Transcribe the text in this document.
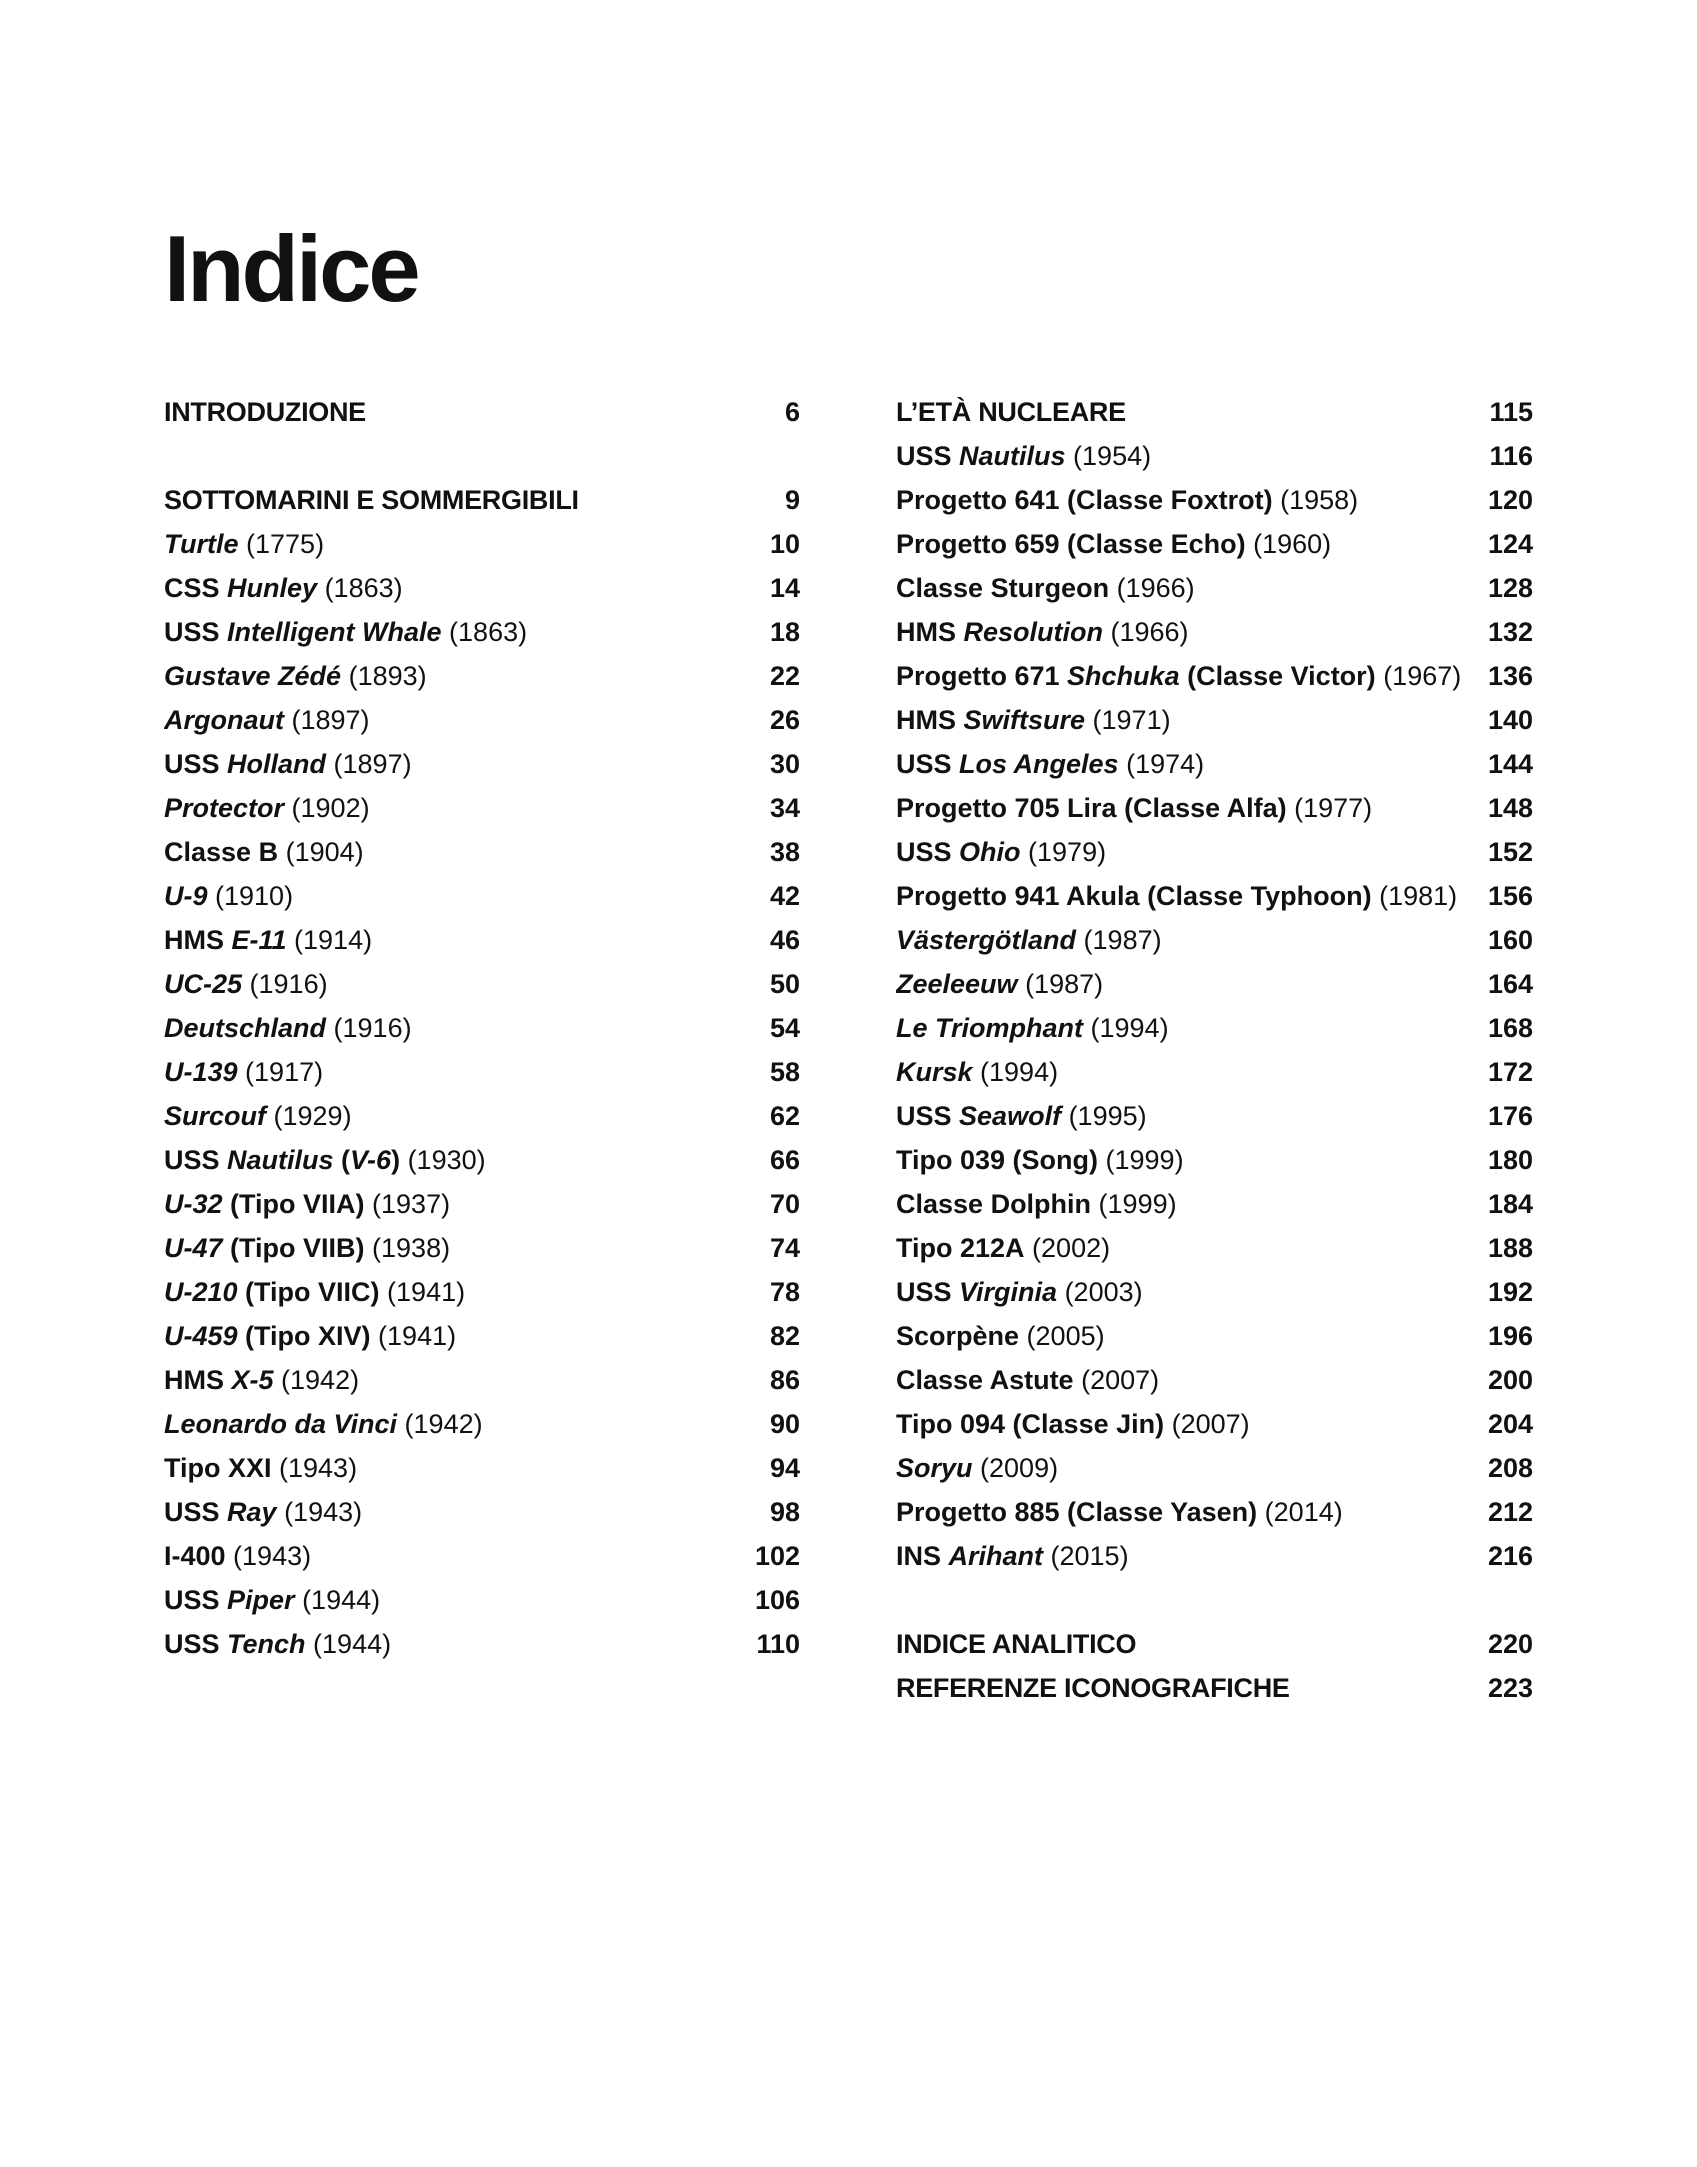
Indice
INTRODUZIONE	6
SOTTOMARINI E SOMMERGIBILI	9
Turtle (1775)	10
CSS Hunley (1863)	14
USS Intelligent Whale (1863)	18
Gustave Zédé (1893)	22
Argonaut (1897)	26
USS Holland (1897)	30
Protector (1902)	34
Classe B (1904)	38
U-9 (1910)	42
HMS E-11 (1914)	46
UC-25 (1916)	50
Deutschland (1916)	54
U-139 (1917)	58
Surcouf (1929)	62
USS Nautilus (V-6) (1930)	66
U-32 (Tipo VIIA) (1937)	70
U-47 (Tipo VIIB) (1938)	74
U-210 (Tipo VIIC) (1941)	78
U-459 (Tipo XIV) (1941)	82
HMS X-5 (1942)	86
Leonardo da Vinci (1942)	90
Tipo XXI (1943)	94
USS Ray (1943)	98
I-400 (1943)	102
USS Piper (1944)	106
USS Tench (1944)	110
L’ETÀ NUCLEARE	115
USS Nautilus (1954)	116
Progetto 641 (Classe Foxtrot) (1958)	120
Progetto 659 (Classe Echo) (1960)	124
Classe Sturgeon (1966)	128
HMS Resolution (1966)	132
Progetto 671 Shchuka (Classe Victor) (1967) 136
HMS Swiftsure (1971)	140
USS Los Angeles (1974)	144
Progetto 705 Lira (Classe Alfa) (1977)	148
USS Ohio (1979)	152
Progetto 941 Akula (Classe Typhoon) (1981) 156
Västergötland (1987)	160
Zeeleeuw (1987)	164
Le Triomphant (1994)	168
Kursk (1994)	172
USS Seawolf (1995)	176
Tipo 039 (Song) (1999)	180
Classe Dolphin (1999)	184
Tipo 212A (2002)	188
USS Virginia (2003)	192
Scorpène (2005)	196
Classe Astute (2007)	200
Tipo 094 (Classe Jin) (2007)	204
Soryu (2009)	208
Progetto 885 (Classe Yasen) (2014)	212
INS Arihant (2015)	216
INDICE ANALITICO	220
REFERENZE ICONOGRAFICHE	223
